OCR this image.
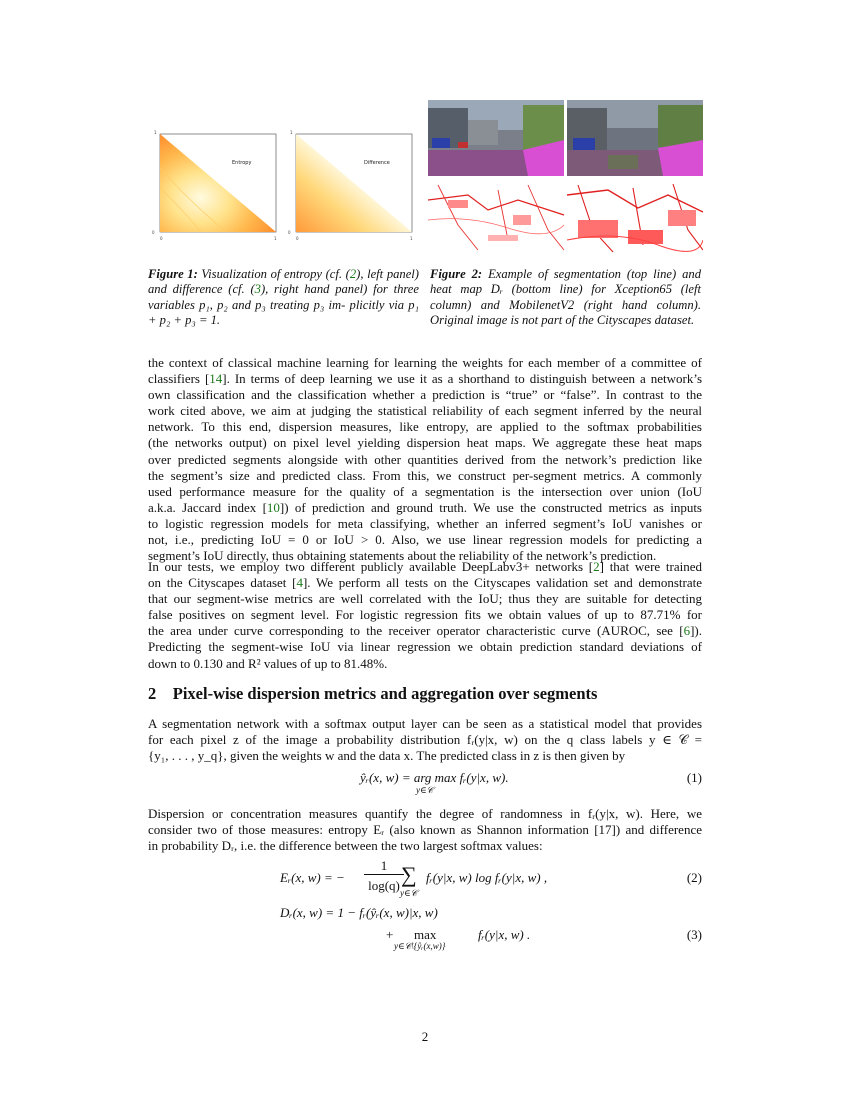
Entropy
1
0
0	1
Difference
1
0
0	1
Figure 1: Visualization of entropy (cf. (2), left panel) and difference (cf. (3), right hand panel) for three variables p₁, p₂ and p₃ treating p₃ im- plicitly via p₁ + p₂ + p₃ = 1.
Figure 2: Example of segmentation (top line) and heat map Dᵣ (bottom line) for Xception65 (left column) and MobilenetV2 (right hand column). Original image is not part of the Cityscapes dataset.
the context of classical machine learning for learning the weights for each member of a committee of
classifiers [14]. In terms of deep learning we use it as a shorthand to distinguish between a network’s
own classification and the classification whether a prediction is “true” or “false”. In contrast to the
work cited above, we aim at judging the statistical reliability of each segment inferred by the neural
network. To this end, dispersion measures, like entropy, are applied to the softmax probabilities
(the networks output) on pixel level yielding dispersion heat maps. We aggregate these heat maps
over predicted segments alongside with other quantities derived from the network’s prediction like
the segment’s size and predicted class. From this, we construct per-segment metrics. A commonly
used performance measure for the quality of a segmentation is the intersection over union (IoU
a.k.a. Jaccard index [10]) of prediction and ground truth. We use the constructed metrics as inputs
to logistic regression models for meta classifying, whether an inferred segment’s IoU vanishes or
not, i.e., predicting IoU = 0 or IoU > 0. Also, we use linear regression models for predicting a
segment’s IoU directly, thus obtaining statements about the reliability of the network’s prediction.
In our tests, we employ two different publicly available DeepLabv3+ networks [2] that were trained
on the Cityscapes dataset [4]. We perform all tests on the Cityscapes validation set and demonstrate
that our segment-wise metrics are well correlated with the IoU; thus they are suitable for detecting
false positives on segment level. For logistic regression fits we obtain values of up to 87.71% for
the area under curve corresponding to the receiver operator characteristic curve (AUROC, see [6]).
Predicting the segment-wise IoU via linear regression we obtain prediction standard deviations of
down to 0.130 and R² values of up to 81.48%.
2 Pixel-wise dispersion metrics and aggregation over segments
A segmentation network with a softmax output layer can be seen as a statistical model that provides
for each pixel z of the image a probability distribution fᵣ(y|x, w) on the q class labels y ∈ 𝒞 =
{y₁, . . . , y_q}, given the weights w and the data x. The predicted class in z is then given by
ŷᵣ(x, w) = arg max fᵣ(y|x, w).
y∈𝒞
(1)
Dispersion or concentration measures quantify the degree of randomness in fᵣ(y|x, w). Here, we
consider two of those measures: entropy Eᵣ (also known as Shannon information [17]) and difference
in probability Dᵣ, i.e. the difference between the two largest softmax values:
Eᵣ(x, w) = −
1
log(q) ∑
y∈𝒞
fᵣ(y|x, w) log fᵣ(y|x, w) ,	(2)
Dᵣ(x, w) = 1 − fᵣ(ŷᵣ(x, w)|x, w)
+ max
y∈𝒞\{ŷᵣ(x,w)}
fᵣ(y|x, w) .	(3)
2
